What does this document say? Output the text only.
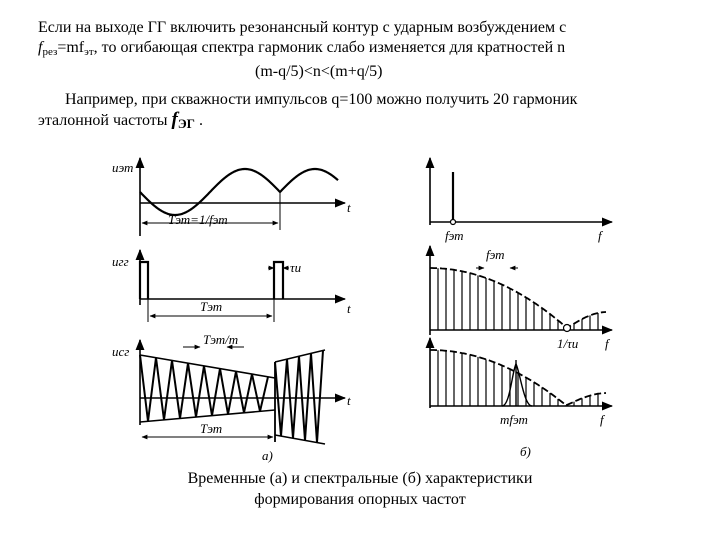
Если на выходе ГГ включить резонансный контур с ударным возбуждением с
$f_{рез}=mf_{эт}$, то огибающая спектра гармоник слабо изменяется для кратностей n
(m-q/5)<n<(m+q/5)
Например, при скважности импульсов q=100 можно получить 20 гармоник
эталонной частоты fЭГ .
uэт
t
Tэт=1/fэт
uгг	τи
t
Tэт
uсг
Tэт/m
t
Tэт
a)
fэт	f
fэт
1/τи f
mfэт	f
б)
Временные (а) и спектральные (б) характеристики
формирования опорных частот
